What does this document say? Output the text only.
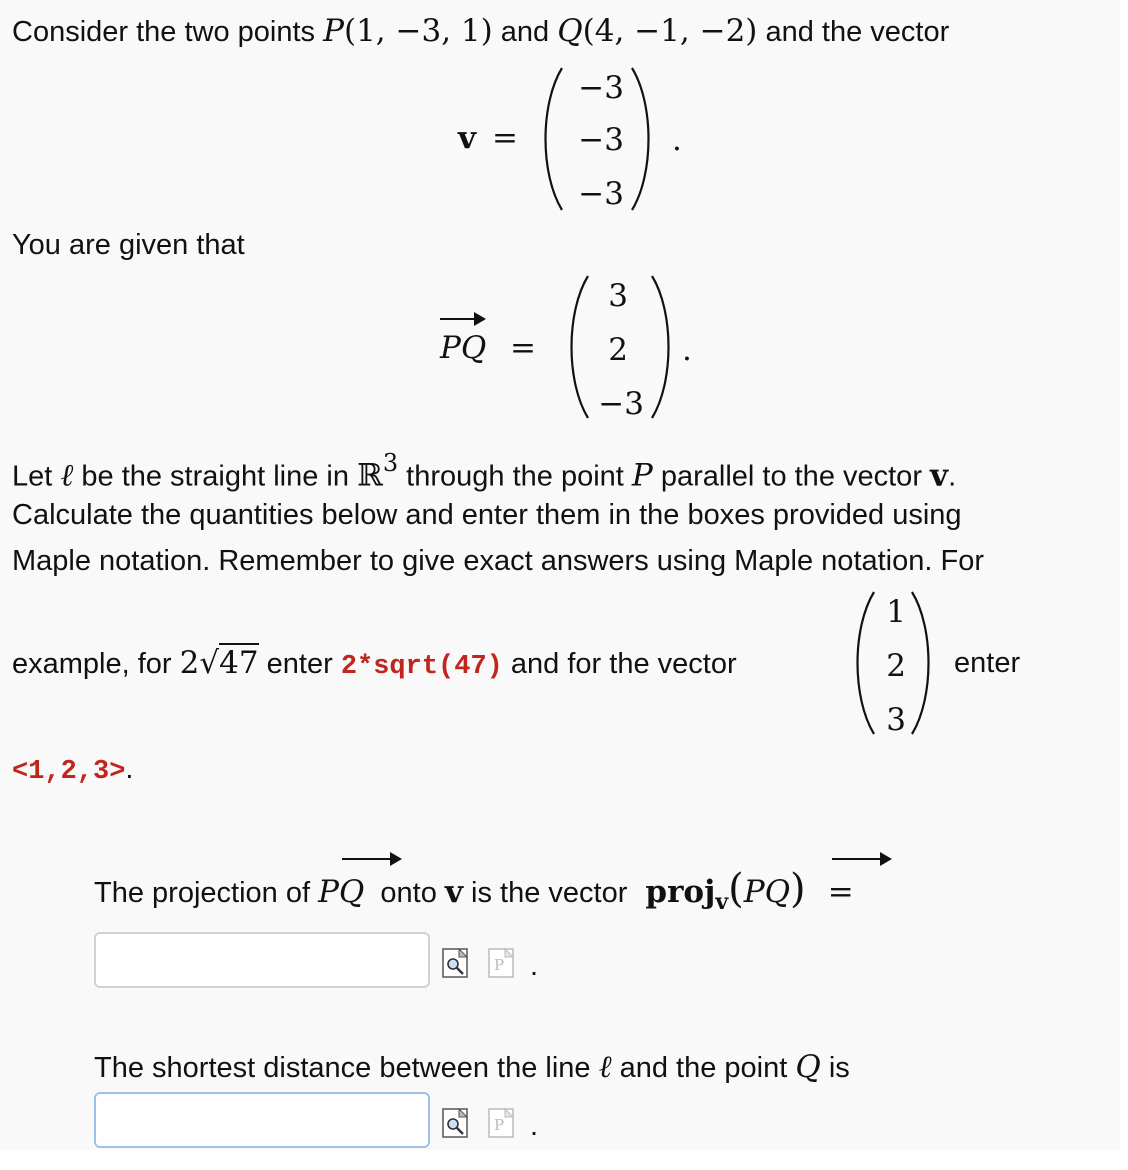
Consider the two points P(1, −3, 1) and Q(4, −1, −2) and the vector
v =
−3
−3
−3
.
You are given that
PQ =
3
2
−3
.
Let ℓ be the straight line in ℝ$^3$ through the point P parallel to the vector v.
Calculate the quantities below and enter them in the boxes provided using
Maple notation. Remember to give exact answers using Maple notation. For
example, for 2√47 enter 2*sqrt(47) and for the vector
1
2
3
enter
<1,2,3>.
The projection of PQ onto v is the vector proj$_v$(PQ) =
P .
The shortest distance between the line ℓ and the point Q is
P .
